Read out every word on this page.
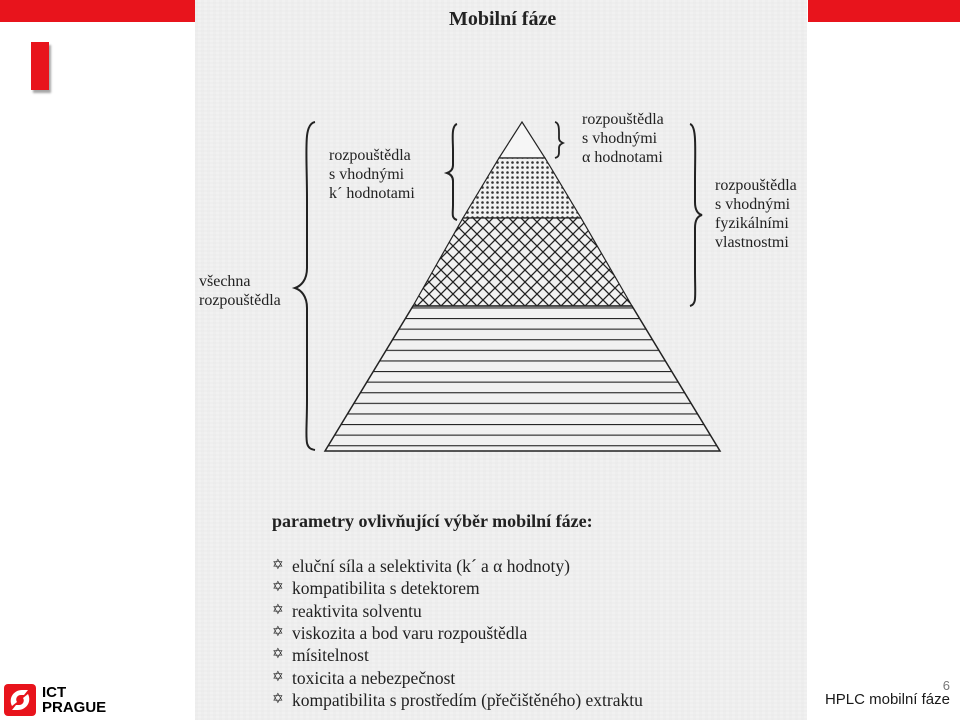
Mobilní fáze
rozpouštědla
s vhodnými
k´ hodnotami
všechna
rozpouštědla
rozpouštědla
s vhodnými
α hodnotami
rozpouštědla
s vhodnými
fyzikálními
vlastnostmi
parametry ovlivňující výběr mobilní fáze:
✡ eluční síla a selektivita (k´ a α hodnoty)
✡ kompatibilita s detektorem
✡ reaktivita solventu
✡ viskozita a bod varu rozpouštědla
✡ mísitelnost
✡ toxicita a nebezpečnost
✡ kompatibilita s prostředím (přečištěného) extraktu
ICT
PRAGUE
6
HPLC mobilní fáze
